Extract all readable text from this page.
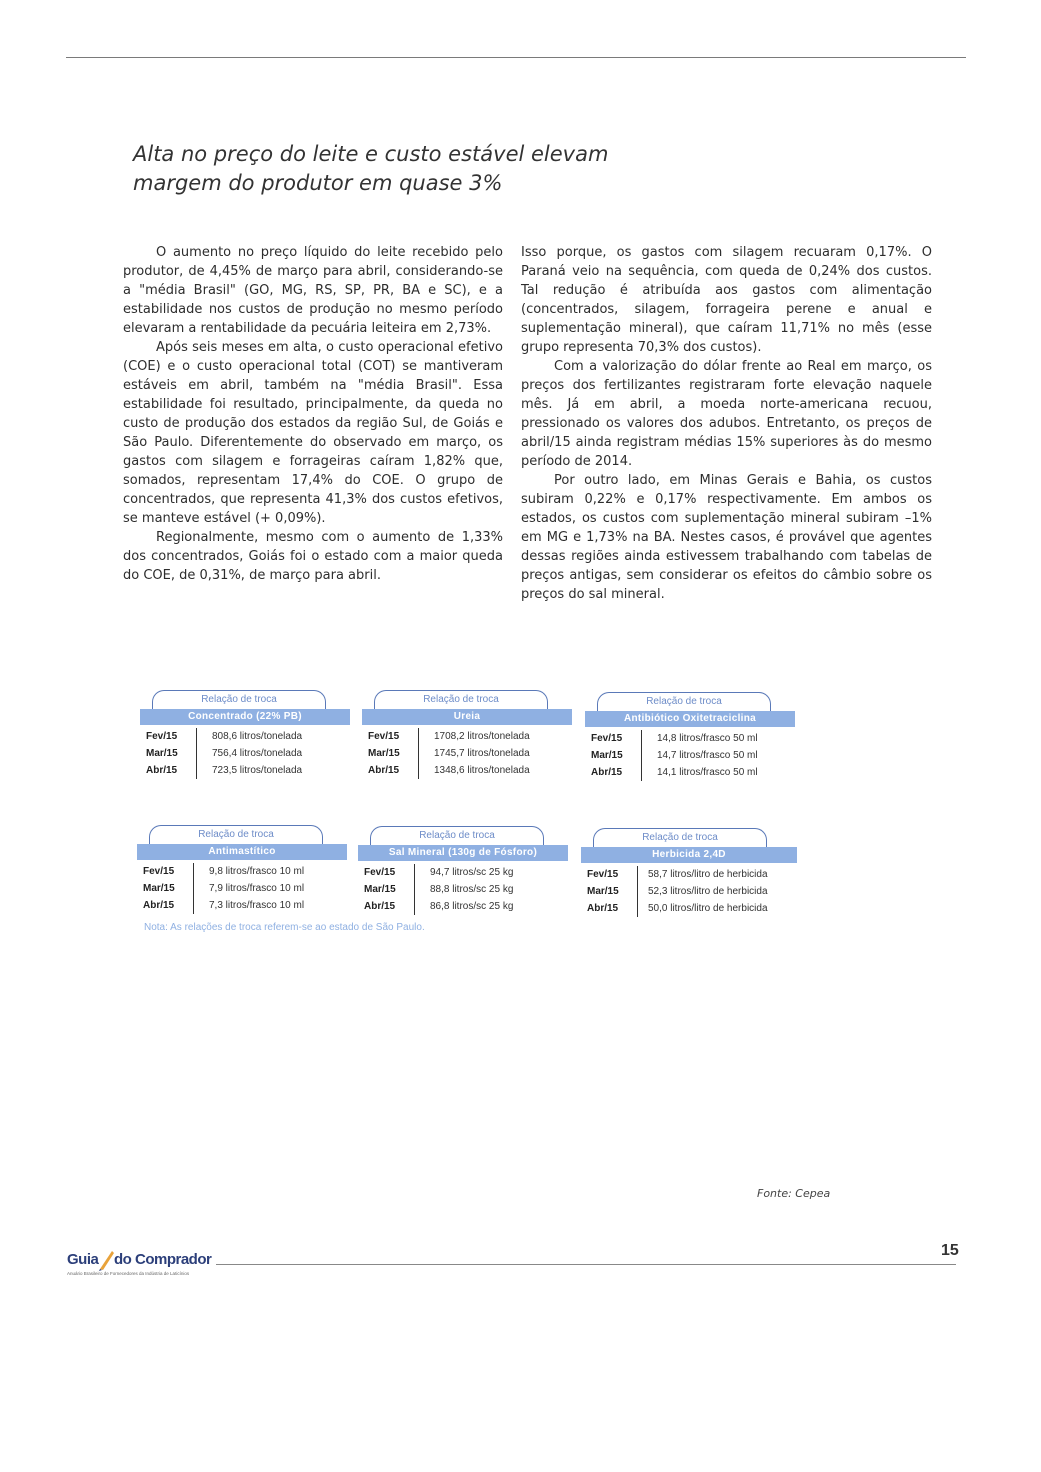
Alta no preço do leite e custo estável elevam
margem do produtor em quase 3%

O aumento no preço líquido do leite recebido pelo produtor, de 4,45% de março para abril, considerando-se a "média Brasil" (GO, MG, RS, SP, PR, BA e SC), e a estabilidade nos custos de produção no mesmo período elevaram a rentabilidade da pecuária leiteira em 2,73%.

Após seis meses em alta, o custo operacional efetivo (COE) e o custo operacional total (COT) se mantiveram estáveis em abril, também na "média Brasil". Essa estabilidade foi resultado, principalmente, da queda no custo de produção dos estados da região Sul, de Goiás e São Paulo. Diferentemente do observado em março, os gastos com silagem e forrageiras caíram 1,82% que, somados, representam 17,4% do COE. O grupo de concentrados, que representa 41,3% dos custos efetivos, se manteve estável (+ 0,09%).

Regionalmente, mesmo com o aumento de 1,33% dos concentrados, Goiás foi o estado com a maior queda do COE, de 0,31%, de março para abril.

Isso porque, os gastos com silagem recuaram 0,17%. O Paraná veio na sequência, com queda de 0,24% dos custos. Tal redução é atribuída aos gastos com alimentação (concentrados, silagem, forrageira perene e anual e suplementação mineral), que caíram 11,71% no mês (esse grupo representa 70,3% dos custos).

Com a valorização do dólar frente ao Real em março, os preços dos fertilizantes registraram forte elevação naquele mês. Já em abril, a moeda norte-americana recuou, pressionado os valores dos adubos. Entretanto, os preços de abril/15 ainda registram médias 15% superiores às do mesmo período de 2014.

Por outro lado, em Minas Gerais e Bahia, os custos subiram 0,22% e 0,17% respectivamente. Em ambos os estados, os custos com suplementação mineral subiram –1% em MG e 1,73% na BA. Nestes casos, é provável que agentes dessas regiões ainda estivessem trabalhando com tabelas de preços antigas, sem considerar os efeitos do câmbio sobre os preços do sal mineral.

Relação de troca
Concentrado (22% PB)
Fev/15
Mar/15
Abr/15
808,6 litros/tonelada
756,4 litros/tonelada
723,5 litros/tonelada
Relação de troca
Ureia
Fev/15
Mar/15
Abr/15
1708,2 litros/tonelada
1745,7 litros/tonelada
1348,6 litros/tonelada
Relação de troca
Antibiótico Oxitetraciclina
Fev/15
Mar/15
Abr/15
14,8 litros/frasco 50 ml
14,7 litros/frasco 50 ml
14,1 litros/frasco 50 ml
Relação de troca
Antimastítico
Fev/15
Mar/15
Abr/15
9,8 litros/frasco 10 ml
7,9 litros/frasco 10 ml
7,3 litros/frasco 10 ml
Relação de troca
Sal Mineral (130g de Fósforo)
Fev/15
Mar/15
Abr/15
94,7 litros/sc 25 kg
88,8 litros/sc 25 kg
86,8 litros/sc 25 kg
Relação de troca
Herbicida 2,4D
Fev/15
Mar/15
Abr/15
58,7 litros/litro de herbicida
52,3 litros/litro de herbicida
50,0 litros/litro de herbicida
Nota: As relações de troca referem-se ao estado de São Paulo.
Fonte: Cepea
Guia do Comprador
Anuário Brasileiro de Fornecedores da Indústria de Laticínios
15
